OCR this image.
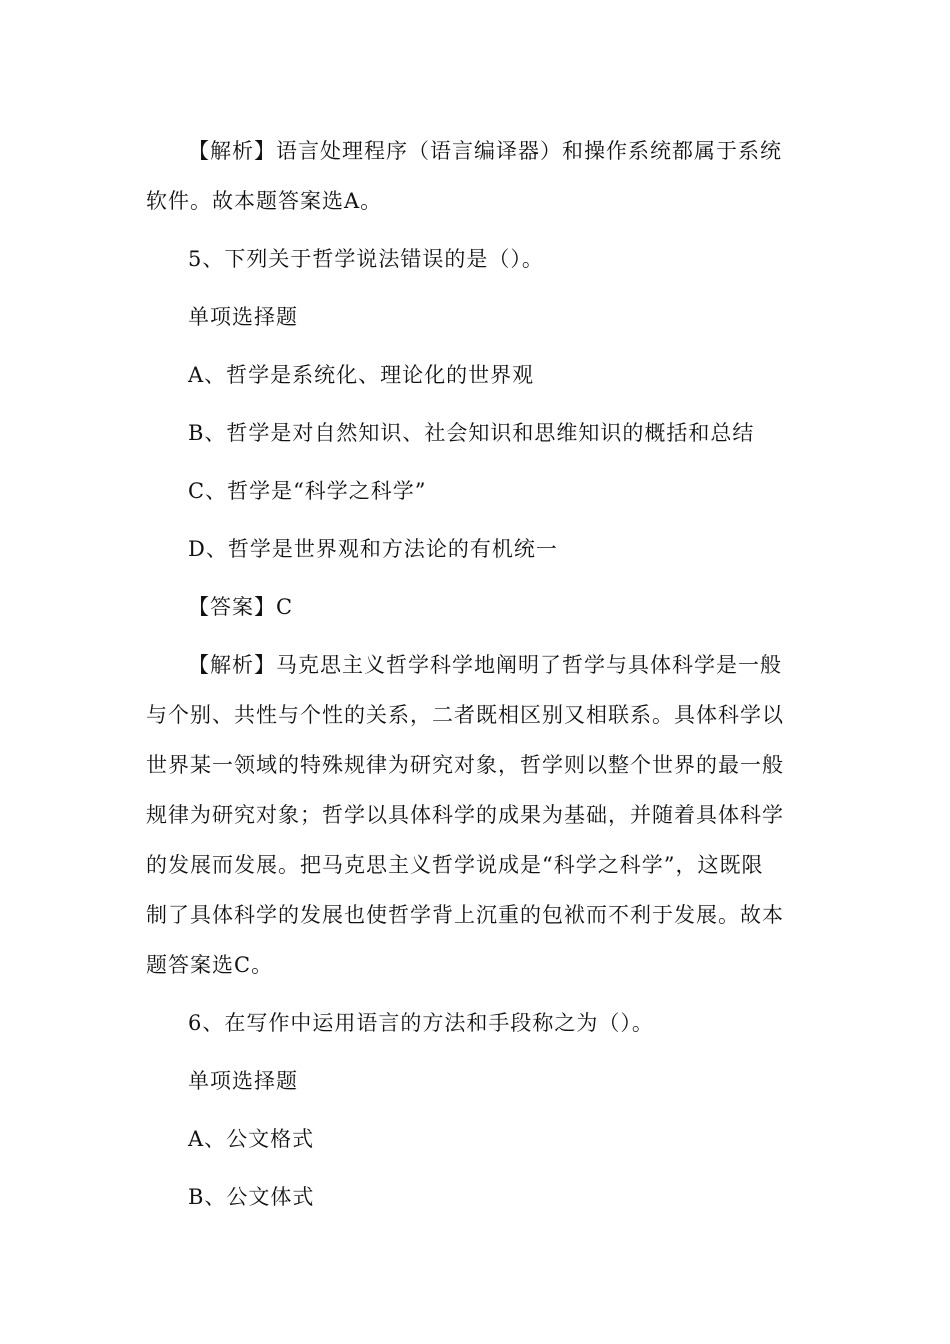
【解析】语言处理程序（语言编译器）和操作系统都属于系统
软件。故本题答案选A。
5、下列关于哲学说法错误的是（）。
单项选择题
A、哲学是系统化、理论化的世界观
B、哲学是对自然知识、社会知识和思维知识的概括和总结
C、哲学是“科学之科学”
D、哲学是世界观和方法论的有机统一
【答案】C
【解析】马克思主义哲学科学地阐明了哲学与具体科学是一般
与个别、共性与个性的关系，二者既相区别又相联系。具体科学以
世界某一领域的特殊规律为研究对象，哲学则以整个世界的最一般
规律为研究对象；哲学以具体科学的成果为基础，并随着具体科学
的发展而发展。把马克思主义哲学说成是“科学之科学”，这既限
制了具体科学的发展也使哲学背上沉重的包袱而不利于发展。故本
题答案选C。
6、在写作中运用语言的方法和手段称之为（）。
单项选择题
A、公文格式
B、公文体式
